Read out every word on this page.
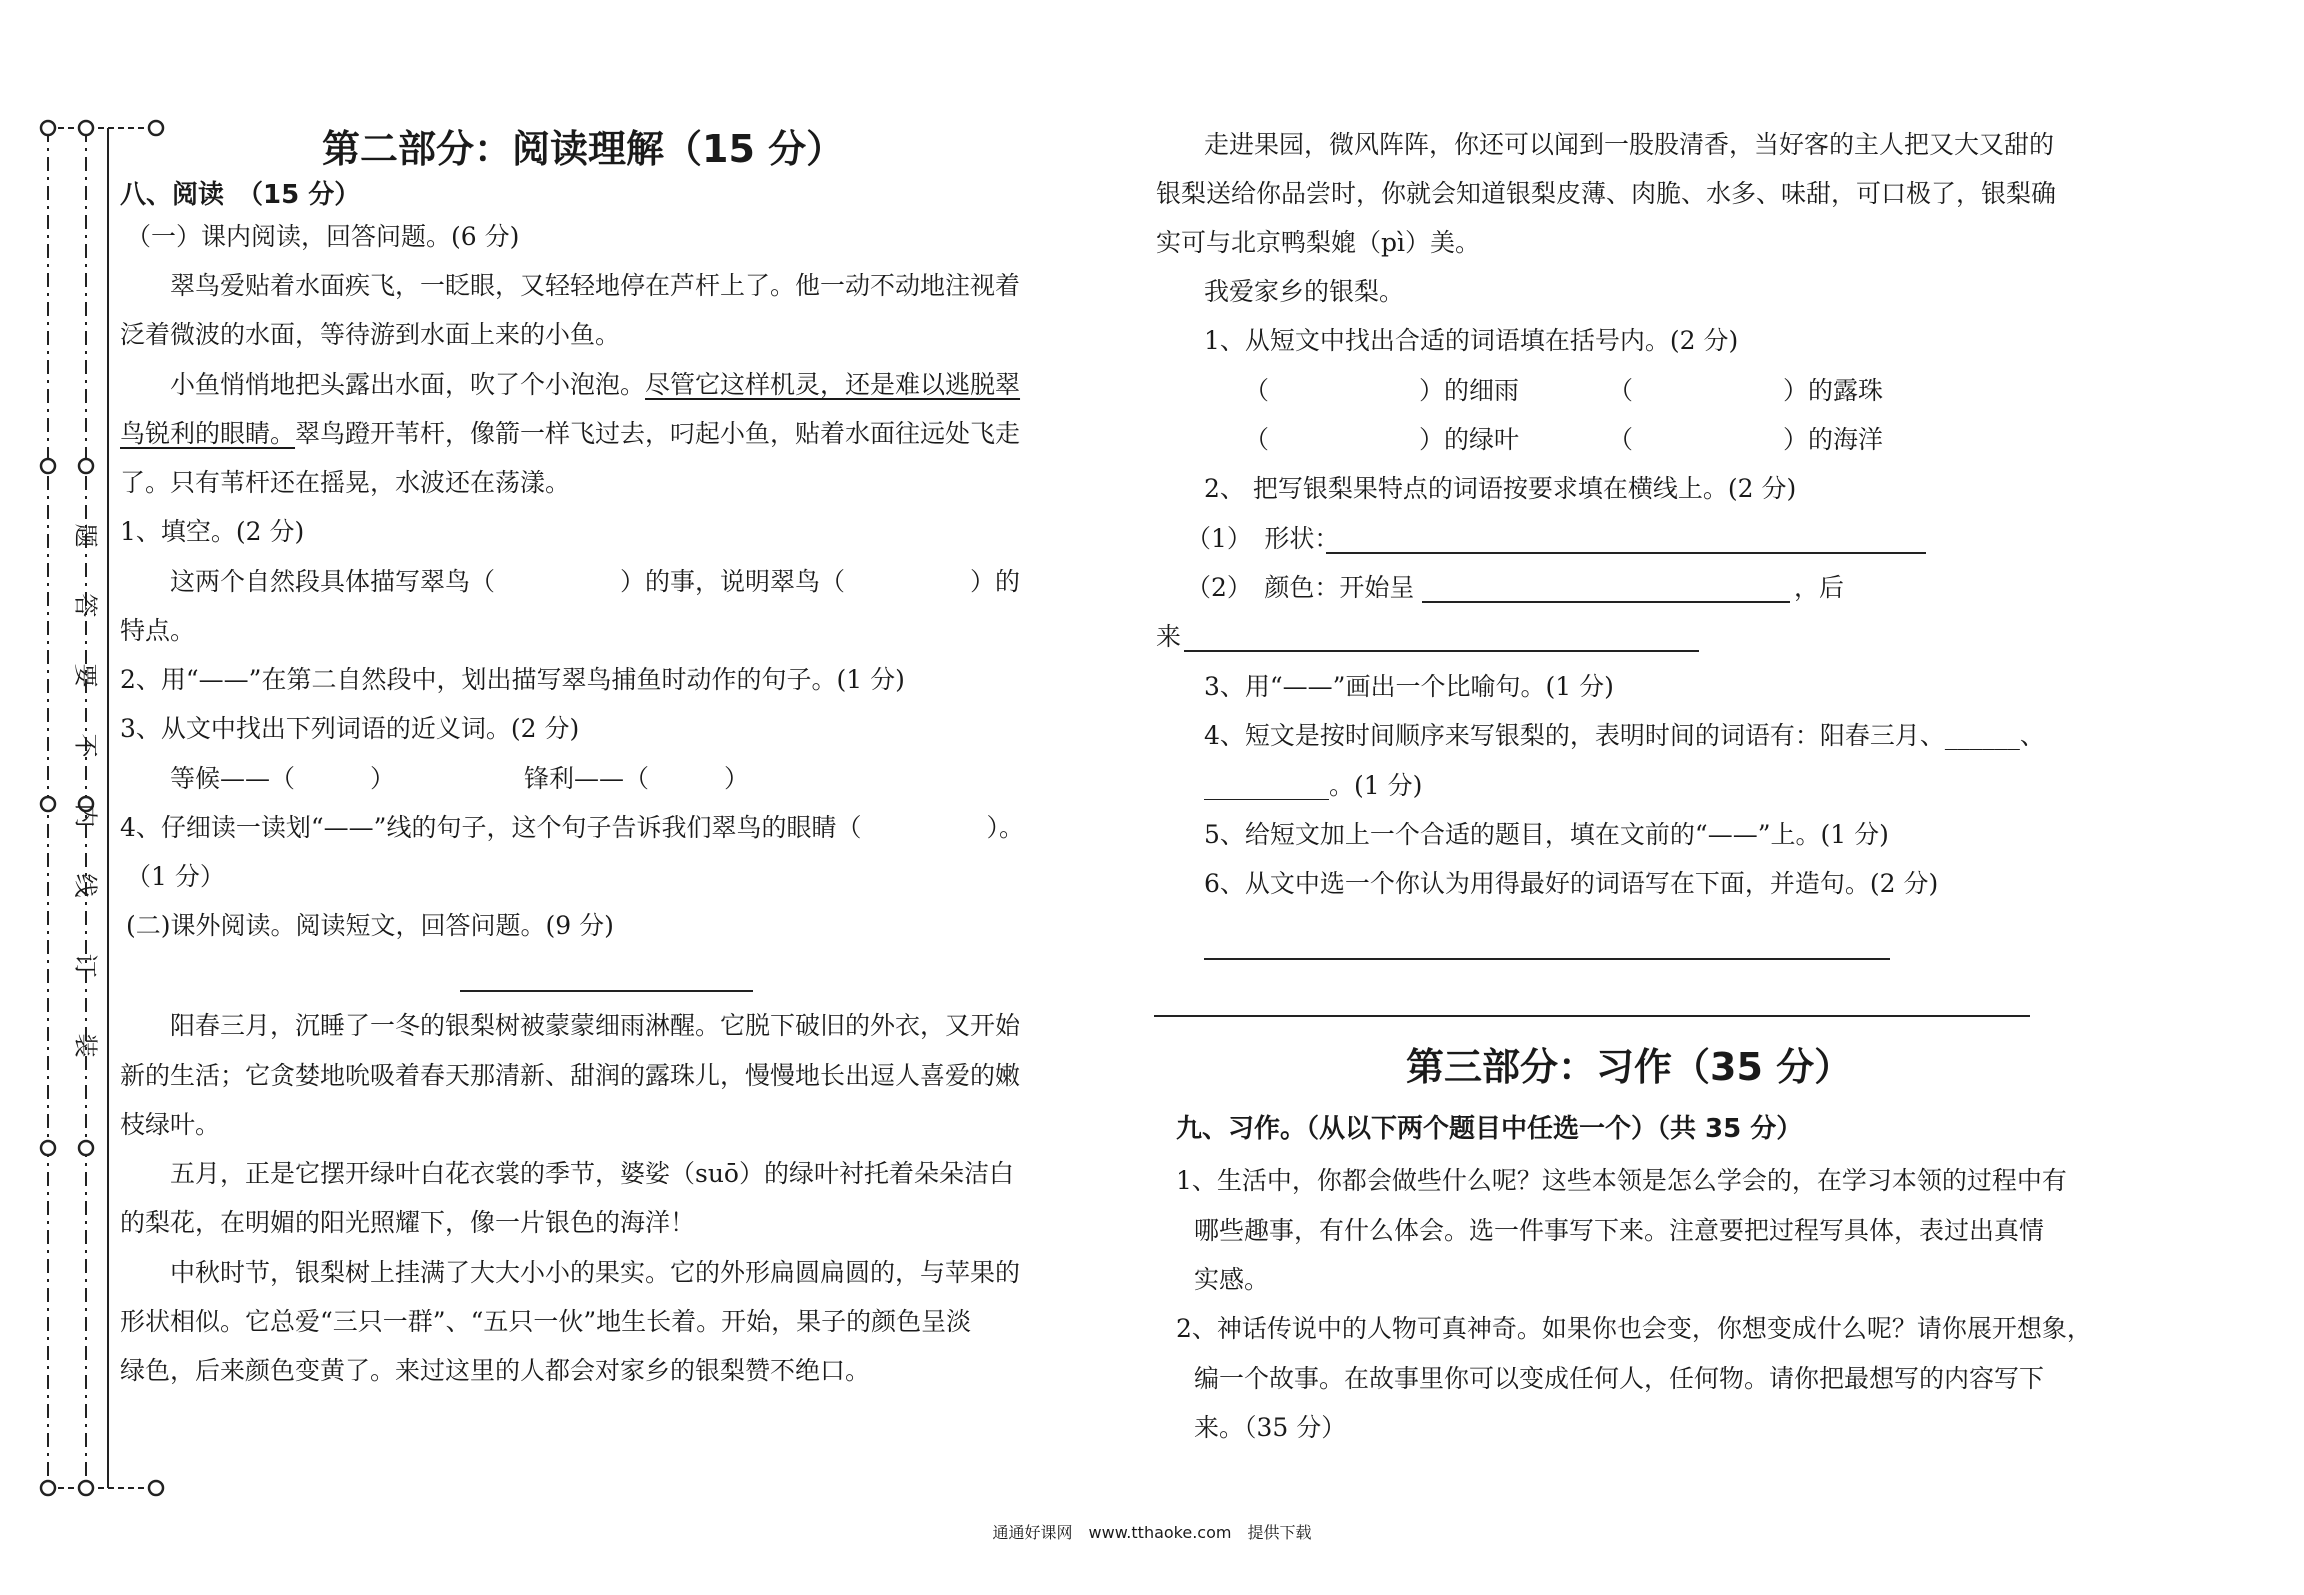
装
订
线
内
不
要
答
题
第二部分：阅读理解（15 分）
八、阅读　（15 分）
（一）课内阅读，回答问题。(6 分)
翠鸟爱贴着水面疾飞，一眨眼，又轻轻地停在芦杆上了。他一动不动地注视着
泛着微波的水面，等待游到水面上来的小鱼。
小鱼悄悄地把头露出水面，吹了个小泡泡。尽管它这样机灵，还是难以逃脱翠
鸟锐利的眼睛。翠鸟蹬开苇杆，像箭一样飞过去，叼起小鱼，贴着水面往远处飞走
了。只有苇杆还在摇晃，水波还在荡漾。
1、填空。(2 分)
这两个自然段具体描写翠鸟（　　　　　）的事，说明翠鸟（　　　　　）的
特点。
2、用“——”在第二自然段中，划出描写翠鸟捕鱼时动作的句子。(1 分)
3、从文中找出下列词语的近义词。(2 分)
等候——（　　　）	锋利——（　　　）
4、仔细读一读划“——”线的句子，这个句子告诉我们翠鸟的眼睛（　　　　　）。
（1 分）
(二)课外阅读。阅读短文，回答问题。(9 分)
阳春三月，沉睡了一冬的银梨树被蒙蒙细雨淋醒。它脱下破旧的外衣，又开始
新的生活；它贪婪地吮吸着春天那清新、甜润的露珠儿，慢慢地长出逗人喜爱的嫩
枝绿叶。
五月，正是它摆开绿叶白花衣裳的季节，婆娑（suō）的绿叶衬托着朵朵洁白
的梨花，在明媚的阳光照耀下，像一片银色的海洋！
中秋时节，银梨树上挂满了大大小小的果实。它的外形扁圆扁圆的，与苹果的
形状相似。它总爱“三只一群”、“五只一伙”地生长着。开始，果子的颜色呈淡
绿色，后来颜色变黄了。来过这里的人都会对家乡的银梨赞不绝口。
走进果园，微风阵阵，你还可以闻到一股股清香，当好客的主人把又大又甜的
银梨送给你品尝时，你就会知道银梨皮薄、肉脆、水多、味甜，可口极了，银梨确
实可与北京鸭梨媲（pì）美。
我爱家乡的银梨。
1、从短文中找出合适的词语填在括号内。(2 分)
（　　　　　　）的细雨	（　　　　　　）的露珠
（　　　　　　）的绿叶	（　　　　　　）的海洋
2、 把写银梨果特点的词语按要求填在横线上。(2 分)
（1）　形状：
（2）　颜色：开始呈	，后
来
3、用“——”画出一个比喻句。(1 分)
4、短文是按时间顺序来写银梨的，表明时间的词语有：阳春三月、______、
__________。(1 分)
5、给短文加上一个合适的题目，填在文前的“——”上。(1 分)
6、从文中选一个你认为用得最好的词语写在下面，并造句。(2 分)
第三部分：习作（35 分）
九、习作。（从以下两个题目中任选一个）（共 35 分）
1、生活中，你都会做些什么呢？这些本领是怎么学会的，在学习本领的过程中有
哪些趣事，有什么体会。选一件事写下来。注意要把过程写具体，表过出真情
实感。
2、神话传说中的人物可真神奇。如果你也会变，你想变成什么呢？请你展开想象，
编一个故事。在故事里你可以变成任何人，任何物。请你把最想写的内容写下
来。（35 分）
通通好课网　www.tthaoke.com　提供下载
